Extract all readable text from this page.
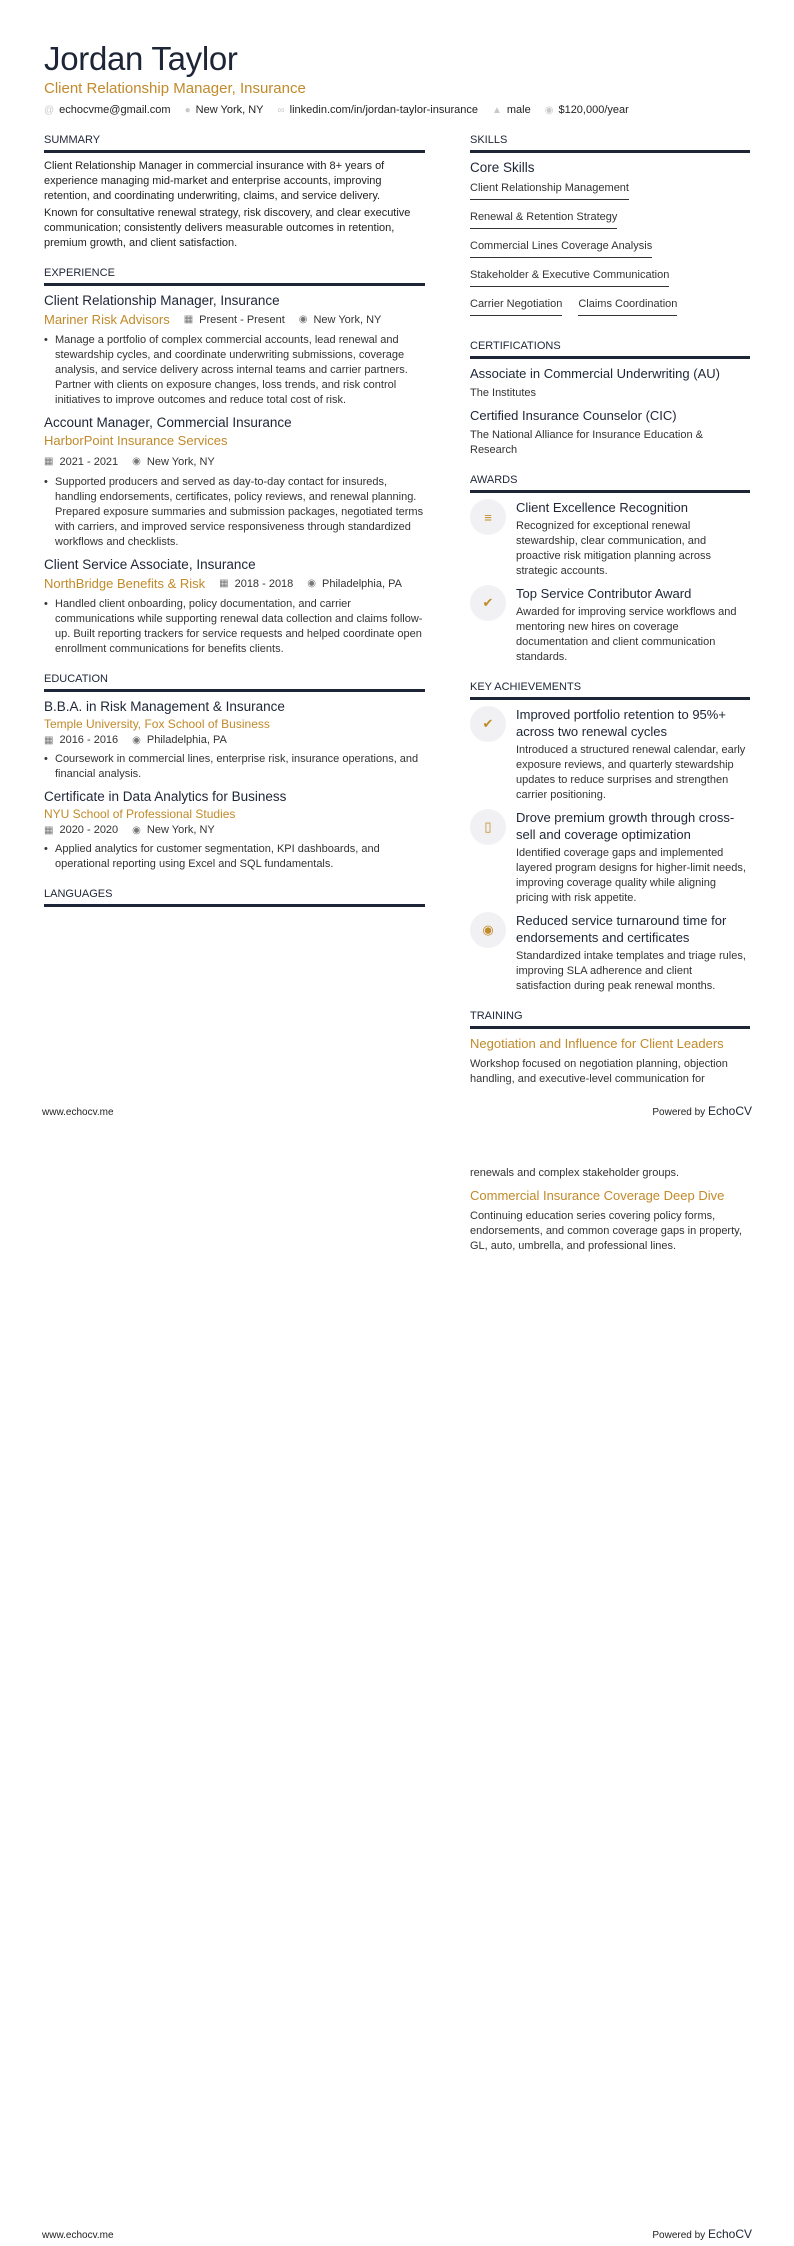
Jordan Taylor
Client Relationship Manager, Insurance
@ echocvme@gmail.com ● New York, NY ∞ linkedin.com/in/jordan-taylor-insurance ▲ male ◉ $120,000/year
SUMMARY

Client Relationship Manager in commercial insurance with 8+ years of experience managing mid-market and enterprise accounts, improving retention, and coordinating underwriting, claims, and service delivery.

Known for consultative renewal strategy, risk discovery, and clear executive communication; consistently delivers measurable outcomes in retention, premium growth, and client satisfaction.

EXPERIENCE
Client Relationship Manager, Insurance
Mariner Risk Advisors ▦ Present - Present ◉ New York, NY
• Manage a portfolio of complex commercial accounts, lead renewal and stewardship cycles, and coordinate underwriting submissions, coverage analysis, and service delivery across internal teams and carrier partners. Partner with clients on exposure changes, loss trends, and risk control initiatives to improve outcomes and reduce total cost of risk.
Account Manager, Commercial Insurance
HarborPoint Insurance Services
▦ 2021 - 2021 ◉ New York, NY
• Supported producers and served as day-to-day contact for insureds, handling endorsements, certificates, policy reviews, and renewal planning. Prepared exposure summaries and submission packages, negotiated terms with carriers, and improved service responsiveness through standardized workflows and checklists.
Client Service Associate, Insurance
NorthBridge Benefits & Risk ▦ 2018 - 2018 ◉ Philadelphia, PA
• Handled client onboarding, policy documentation, and carrier communications while supporting renewal data collection and claims follow-up. Built reporting trackers for service requests and helped coordinate open enrollment communications for benefits clients.
EDUCATION
B.B.A. in Risk Management & Insurance
Temple University, Fox School of Business
▦ 2016 - 2016 ◉ Philadelphia, PA
• Coursework in commercial lines, enterprise risk, insurance operations, and financial analysis.
Certificate in Data Analytics for Business
NYU School of Professional Studies
▦ 2020 - 2020 ◉ New York, NY
• Applied analytics for customer segmentation, KPI dashboards, and operational reporting using Excel and SQL fundamentals.
LANGUAGES
SKILLS
Core Skills
Client Relationship Management
Renewal & Retention Strategy
Commercial Lines Coverage Analysis
Stakeholder & Executive Communication
Carrier Negotiation Claims Coordination
CERTIFICATIONS
Associate in Commercial Underwriting (AU)
The Institutes
Certified Insurance Counselor (CIC)
The National Alliance for Insurance Education & Research
AWARDS
≡
Client Excellence Recognition
Recognized for exceptional renewal stewardship, clear communication, and proactive risk mitigation planning across strategic accounts.
✔
Top Service Contributor Award
Awarded for improving service workflows and mentoring new hires on coverage documentation and client communication standards.
KEY ACHIEVEMENTS
✔
Improved portfolio retention to 95%+ across two renewal cycles
Introduced a structured renewal calendar, early exposure reviews, and quarterly stewardship updates to reduce surprises and strengthen carrier positioning.
▯
Drove premium growth through cross-sell and coverage optimization
Identified coverage gaps and implemented layered program designs for higher-limit needs, improving coverage quality while aligning pricing with risk appetite.
◉
Reduced service turnaround time for endorsements and certificates
Standardized intake templates and triage rules, improving SLA adherence and client satisfaction during peak renewal months.
TRAINING
Negotiation and Influence for Client Leaders
Workshop focused on negotiation planning, objection handling, and executive-level communication for
www.echocv.me	Powered by EchoCV
renewals and complex stakeholder groups.
Commercial Insurance Coverage Deep Dive
Continuing education series covering policy forms, endorsements, and common coverage gaps in property, GL, auto, umbrella, and professional lines.
www.echocv.me	Powered by EchoCV
